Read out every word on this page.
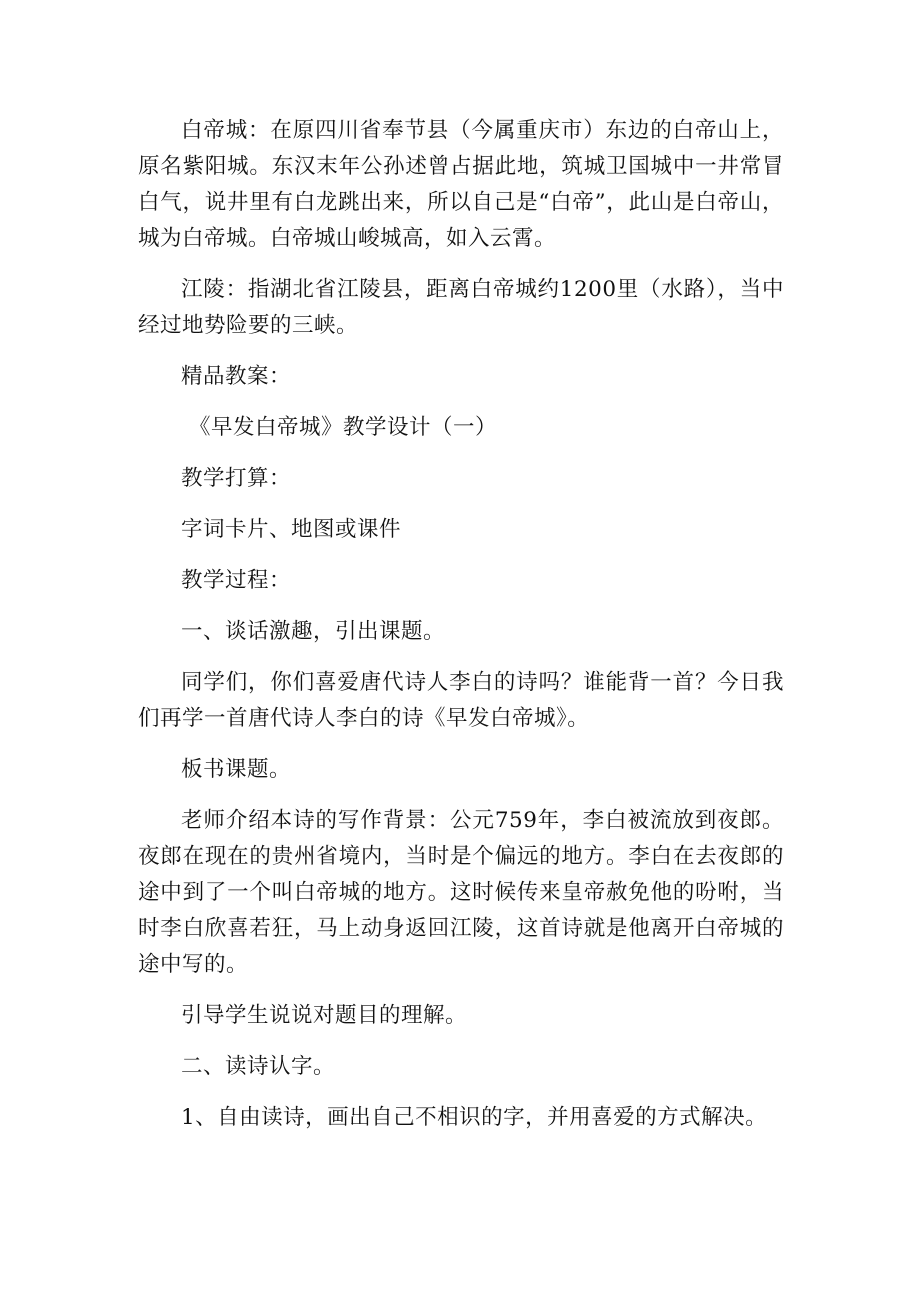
白帝城：在原四川省奉节县（今属重庆市）东边的白帝山上，原名紫阳城。东汉末年公孙述曾占据此地，筑城卫国城中一井常冒白气，说井里有白龙跳出来，所以自己是“白帝”，此山是白帝山，城为白帝城。白帝城山峻城高，如入云霄。

江陵：指湖北省江陵县，距离白帝城约1200里（水路），当中经过地势险要的三峡。

精品教案：

《早发白帝城》教学设计（一）

教学打算：

字词卡片、地图或课件

教学过程：

一、谈话激趣，引出课题。

同学们，你们喜爱唐代诗人李白的诗吗？谁能背一首？今日我们再学一首唐代诗人李白的诗《早发白帝城》。

板书课题。

老师介绍本诗的写作背景：公元759年，李白被流放到夜郎。夜郎在现在的贵州省境内，当时是个偏远的地方。李白在去夜郎的途中到了一个叫白帝城的地方。这时候传来皇帝赦免他的吩咐，当时李白欣喜若狂，马上动身返回江陵，这首诗就是他离开白帝城的途中写的。

引导学生说说对题目的理解。

二、读诗认字。

1、自由读诗，画出自己不相识的字，并用喜爱的方式解决。
